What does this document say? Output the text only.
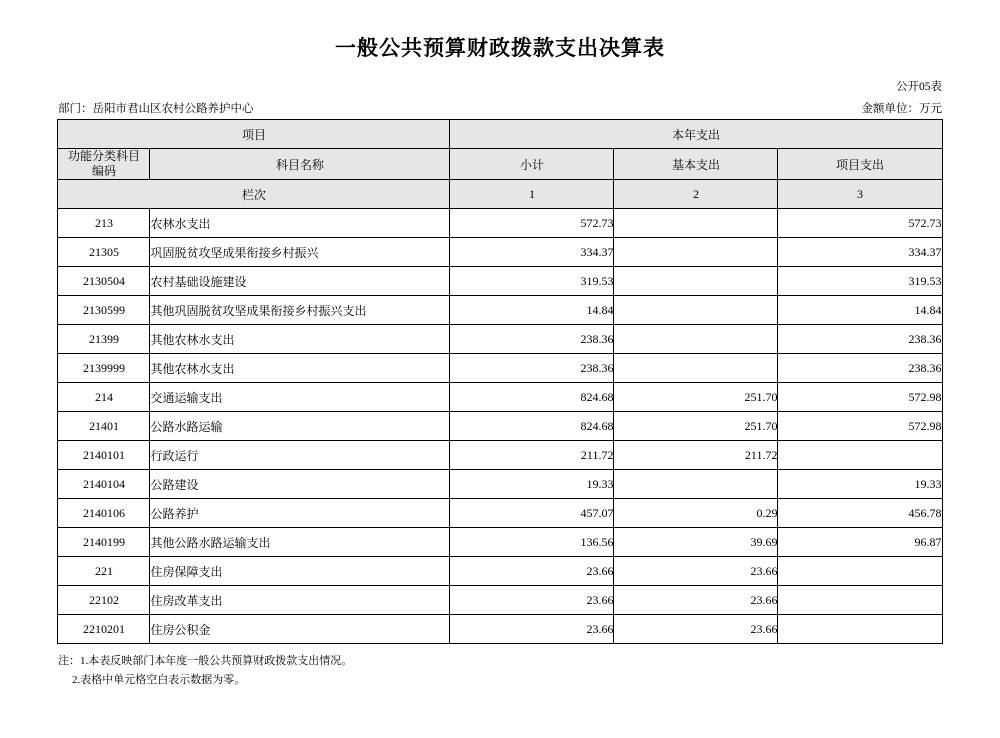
一般公共预算财政拨款支出决算表
公开05表
部门：岳阳市君山区农村公路养护中心	金额单位：万元
项目		本年支出		

功能分类科目
编码	科目名称	小计	基本支出	项目支出
栏次		1	2	3
213	农林水支出	572.73		572.73
21305	巩固脱贫攻坚成果衔接乡村振兴	334.37		334.37
2130504	农村基础设施建设	319.53		319.53
2130599	其他巩固脱贫攻坚成果衔接乡村振兴支出	14.84		14.84
21399	其他农林水支出	238.36		238.36
2139999	其他农林水支出	238.36		238.36
214	交通运输支出	824.68	251.70	572.98
21401	公路水路运输	824.68	251.70	572.98
2140101	行政运行	211.72	211.72	
2140104	公路建设	19.33		19.33
2140106	公路养护	457.07	0.29	456.78
2140199	其他公路水路运输支出	136.56	39.69	96.87
221	住房保障支出	23.66	23.66	
22102	住房改革支出	23.66	23.66	
2210201	住房公积金	23.66	23.66	
注：1.本表反映部门本年度一般公共预算财政拨款支出情况。
2.表格中单元格空白表示数据为零。
